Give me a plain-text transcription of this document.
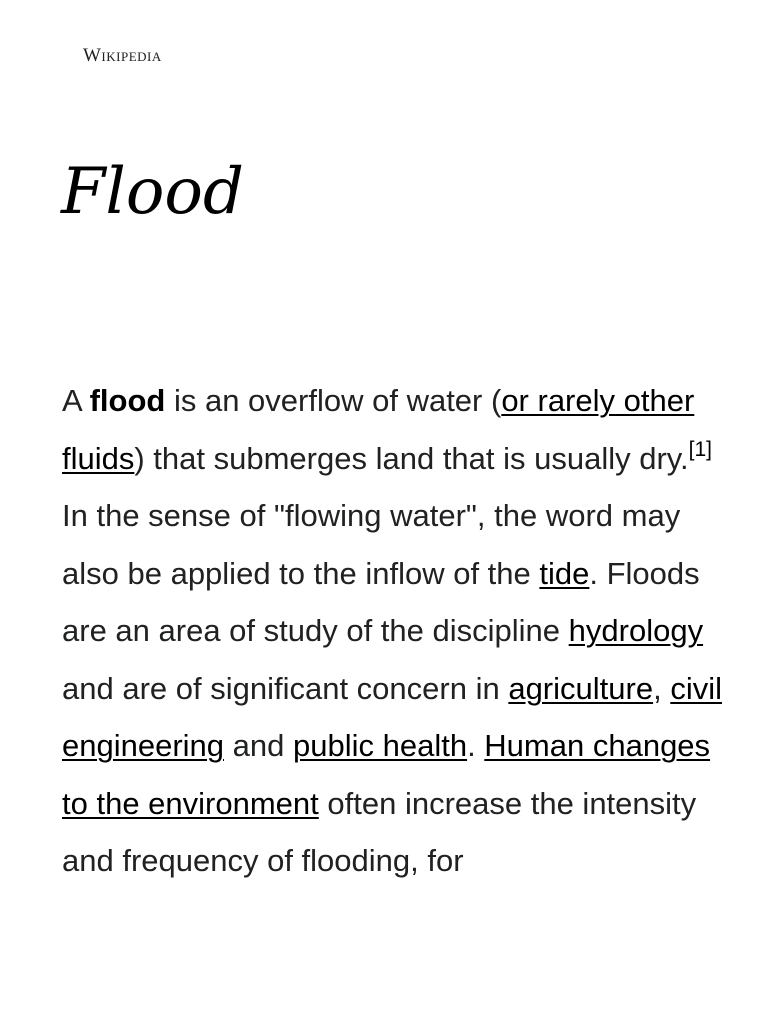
Wikipedia
Flood

A flood is an overflow of water (or rarely other fluids) that submerges land that is usually dry.[1] In the sense of "flowing water", the word may also be applied to the inflow of the tide. Floods are an area of study of the discipline hydrology and are of significant concern in agriculture, civil engineering and public health. Human changes to the environment often increase the intensity and frequency of flooding, for
